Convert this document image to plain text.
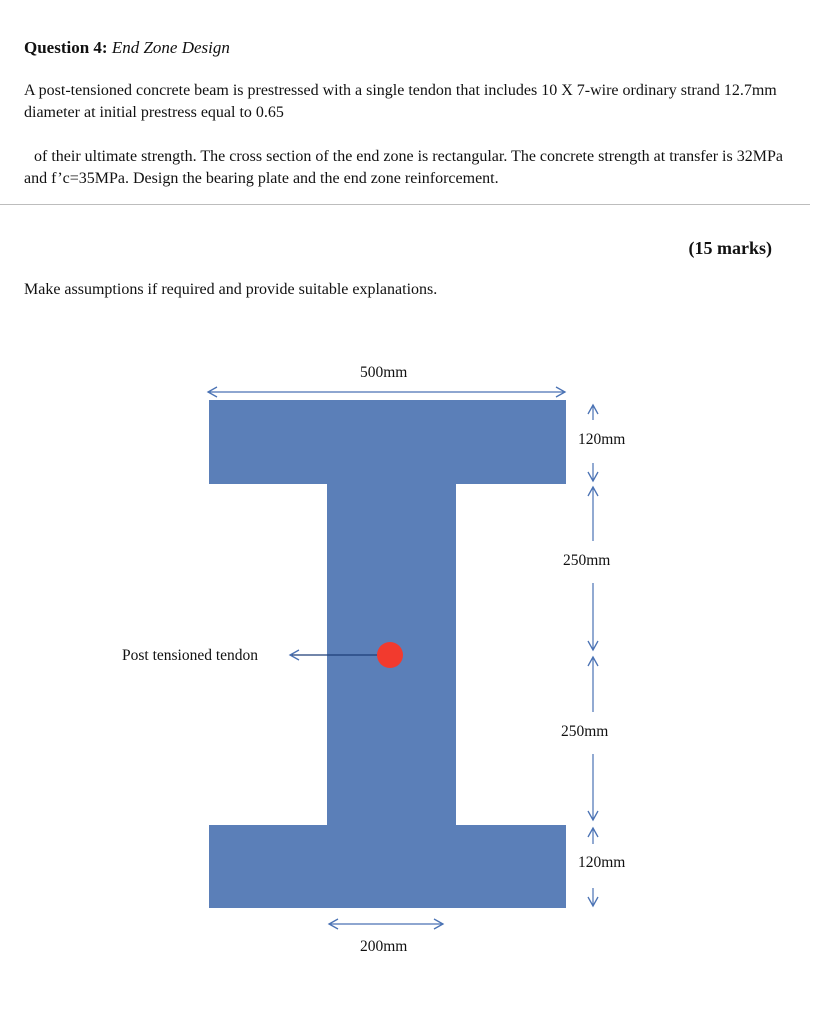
Question 4: End Zone Design

A post-tensioned concrete beam is prestressed with a single tendon that includes 10 X 7-wire ordinary strand 12.7mm diameter at initial prestress equal to 0.65

of their ultimate strength. The cross section of the end zone is rectangular. The concrete strength at transfer is 32MPa and f’c=35MPa. Design the bearing plate and the end zone reinforcement.

(15 marks)
Make assumptions if required and provide suitable explanations.
Post tensioned tendon
500mm
200mm
120mm
250mm
250mm
120mm
